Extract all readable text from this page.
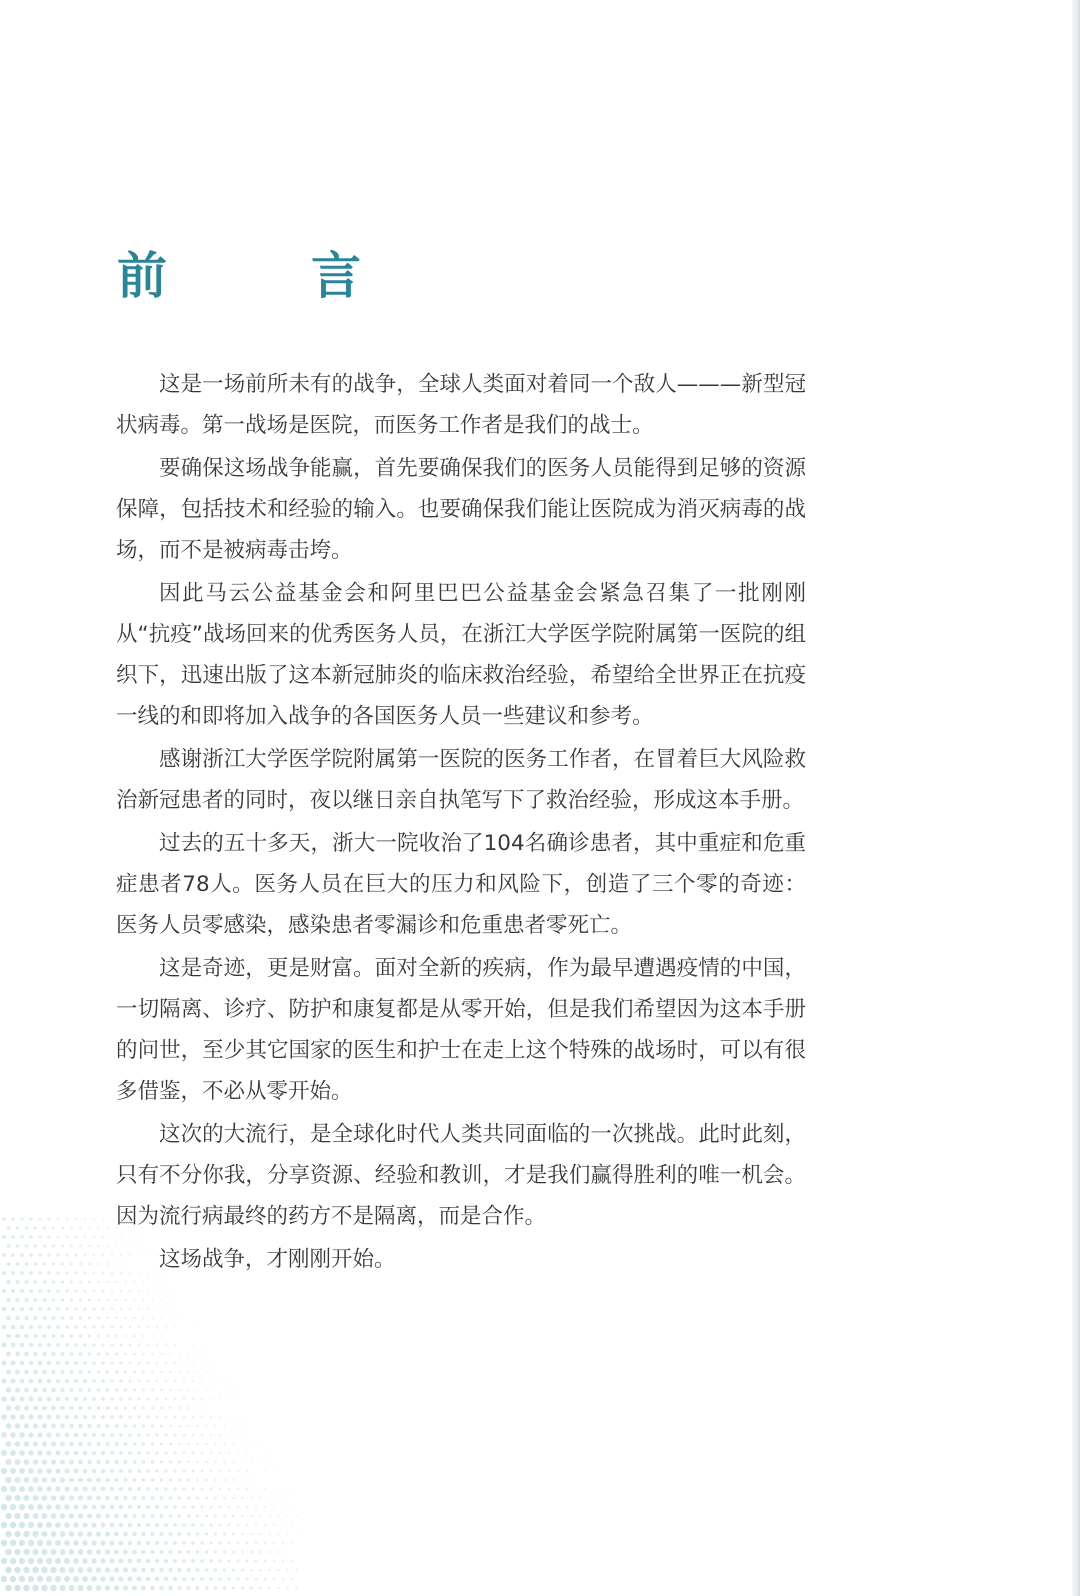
前　言

这是一场前所未有的战争，全球人类面对着同一个敌人———新型冠状病毒。第一战场是医院，而医务工作者是我们的战士。

要确保这场战争能赢，首先要确保我们的医务人员能得到足够的资源保障，包括技术和经验的输入。也要确保我们能让医院成为消灭病毒的战场，而不是被病毒击垮。

因此马云公益基金会和阿里巴巴公益基金会紧急召集了一批刚刚从“抗疫”战场回来的优秀医务人员，在浙江大学医学院附属第一医院的组织下，迅速出版了这本新冠肺炎的临床救治经验，希望给全世界正在抗疫一线的和即将加入战争的各国医务人员一些建议和参考。

感谢浙江大学医学院附属第一医院的医务工作者，在冒着巨大风险救治新冠患者的同时，夜以继日亲自执笔写下了救治经验，形成这本手册。

过去的五十多天，浙大一院收治了104名确诊患者，其中重症和危重症患者78人。医务人员在巨大的压力和风险下，创造了三个零的奇迹：医务人员零感染，感染患者零漏诊和危重患者零死亡。

这是奇迹，更是财富。面对全新的疾病，作为最早遭遇疫情的中国，一切隔离、诊疗、防护和康复都是从零开始，但是我们希望因为这本手册的问世，至少其它国家的医生和护士在走上这个特殊的战场时，可以有很多借鉴，不必从零开始。

这次的大流行，是全球化时代人类共同面临的一次挑战。此时此刻，只有不分你我，分享资源、经验和教训，才是我们赢得胜利的唯一机会。因为流行病最终的药方不是隔离，而是合作。

这场战争，才刚刚开始。
